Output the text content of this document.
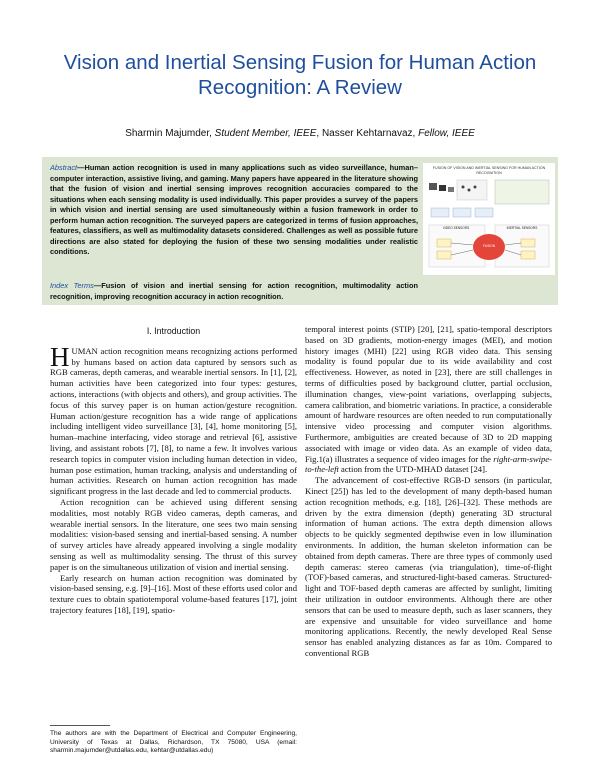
Vision and Inertial Sensing Fusion for Human Action Recognition: A Review
Sharmin Majumder, Student Member, IEEE, Nasser Kehtarnavaz, Fellow, IEEE
Abstract—Human action recognition is used in many applications such as video surveillance, human–computer interaction, assistive living, and gaming. Many papers have appeared in the literature showing that the fusion of vision and inertial sensing improves recognition accuracies compared to the situations when each sensing modality is used individually. This paper provides a survey of the papers in which vision and inertial sensing are used simultaneously within a fusion framework in order to perform human action recognition. The surveyed papers are categorized in terms of fusion approaches, features, classifiers, as well as multimodality datasets considered. Challenges as well as possible future directions are also stated for deploying the fusion of these two sensing modalities under realistic conditions.
Index Terms—Fusion of vision and inertial sensing for action recognition, multimodality action recognition, improving recognition accuracy in action recognition.
FUSION OF VISION AND INERTIAL SENSING FOR HUMAN ACTION RECOGNITION
VIDEO SENSORS	INERTIAL SENSORS
FUSION
I. Introduction

HUMAN action recognition means recognizing actions performed by humans based on action data captured by sensors such as RGB cameras, depth cameras, and wearable inertial sensors. In [1], [2], human activities have been categorized into four types: gestures, actions, interactions (with objects and others), and group activities. The focus of this survey paper is on human action/gesture recognition. Human action/gesture recognition has a wide range of applications including intelligent video surveillance [3], [4], home monitoring [5], human–machine interfacing, video storage and retrieval [6], assistive living, and assistant robots [7], [8], to name a few. It involves various research topics in computer vision including human detection in video, human pose estimation, human tracking, analysis and understanding of human activities. Research on human action recognition has made significant progress in the last decade and led to commercial products.

Action recognition can be achieved using different sensing modalities, most notably RGB video cameras, depth cameras, and wearable inertial sensors. In the literature, one sees two main sensing modalities: vision-based sensing and inertial-based sensing. A number of survey articles have already appeared involving a single modality sensing as well as multimodality sensing. The thrust of this survey paper is on the simultaneous utilization of vision and inertial sensing.

Early research on human action recognition was dominated by vision-based sensing, e.g. [9]–[16]. Most of these efforts used color and texture cues to obtain spatiotemporal volume-based features [17], joint trajectory features [18], [19], spatio-

temporal interest points (STIP) [20], [21], spatio-temporal descriptors based on 3D gradients, motion-energy images (MEI), and motion history images (MHI) [22] using RGB video data. This sensing modality is found popular due to its wide availability and cost effectiveness. However, as noted in [23], there are still challenges in terms of difficulties posed by background clutter, partial occlusion, illumination changes, view-point variations, overlapping subjects, camera calibration, and biometric variations. In practice, a considerable amount of hardware resources are often needed to run computationally intensive video processing and computer vision algorithms. Furthermore, ambiguities are created because of 3D to 2D mapping associated with image or video data. As an example of video data, Fig.1(a) illustrates a sequence of video images for the right-arm-swipe-to-the-left action from the UTD-MHAD dataset [24].

The advancement of cost-effective RGB-D sensors (in particular, Kinect [25]) has led to the development of many depth-based human action recognition methods, e.g. [18], [26]–[32]. These methods are driven by the extra dimension (depth) generating 3D structural information of human actions. The extra depth dimension allows objects to be quickly segmented depthwise even in low illumination environments. In addition, the human skeleton information can be obtained from depth cameras. There are three types of commonly used depth cameras: stereo cameras (via triangulation), time-of-flight (TOF)-based cameras, and structured-light-based cameras. Structured-light and TOF-based depth cameras are affected by sunlight, limiting their utilization in outdoor environments. Although there are other sensors that can be used to measure depth, such as laser scanners, they are expensive and unsuitable for video surveillance and home monitoring applications. Recently, the newly developed Real Sense sensor has enabled analyzing distances as far as 10m. Compared to conventional RGB

The authors are with the Department of Electrical and Computer Engineering, University of Texas at Dallas, Richardson, TX 75080, USA (email: sharmin.majumder@utdallas.edu, kehtar@utdallas.edu)
